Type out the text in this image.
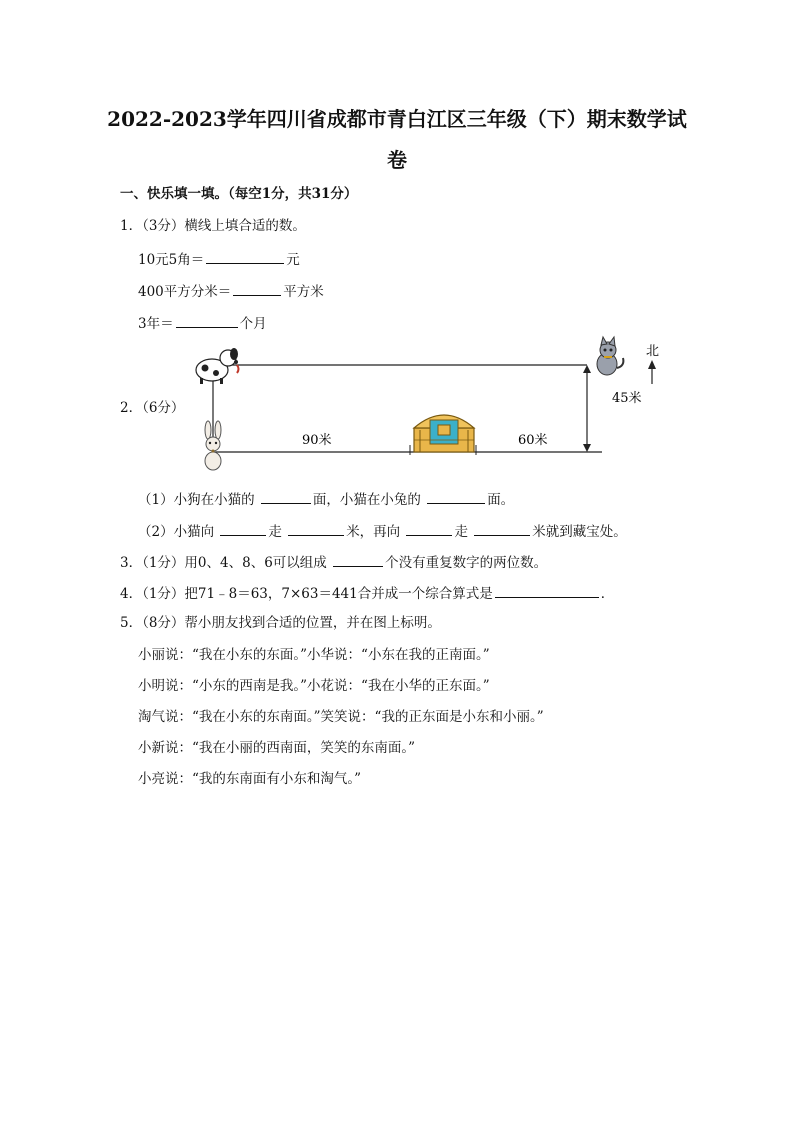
2022-2023学年四川省成都市青白江区三年级（下）期末数学试
卷
一、快乐填一填。（每空1分，共31分）
1．（3分）横线上填合适的数。
10元5角＝	元
400平方分米＝	平方米
3年＝	个月
2．（6分）
北
45米
90米	60米
（1）小狗在小猫的	面，小猫在小兔的	面。
（2）小猫向	走	米，再向	走	米就到藏宝处。
3．（1分）用0、4、8、6可以组成	个没有重复数字的两位数。
4．（1分）把71﹣8＝63，7×63＝441合并成一个综合算式是	．
5．（8分）帮小朋友找到合适的位置，并在图上标明。
小丽说：“我在小东的东面。”小华说：“小东在我的正南面。”
小明说：“小东的西南是我。”小花说：“我在小华的正东面。”
淘气说：“我在小东的东南面。”笑笑说：“我的正东面是小东和小丽。”
小新说：“我在小丽的西南面，笑笑的东南面。”
小亮说：“我的东南面有小东和淘气。”
